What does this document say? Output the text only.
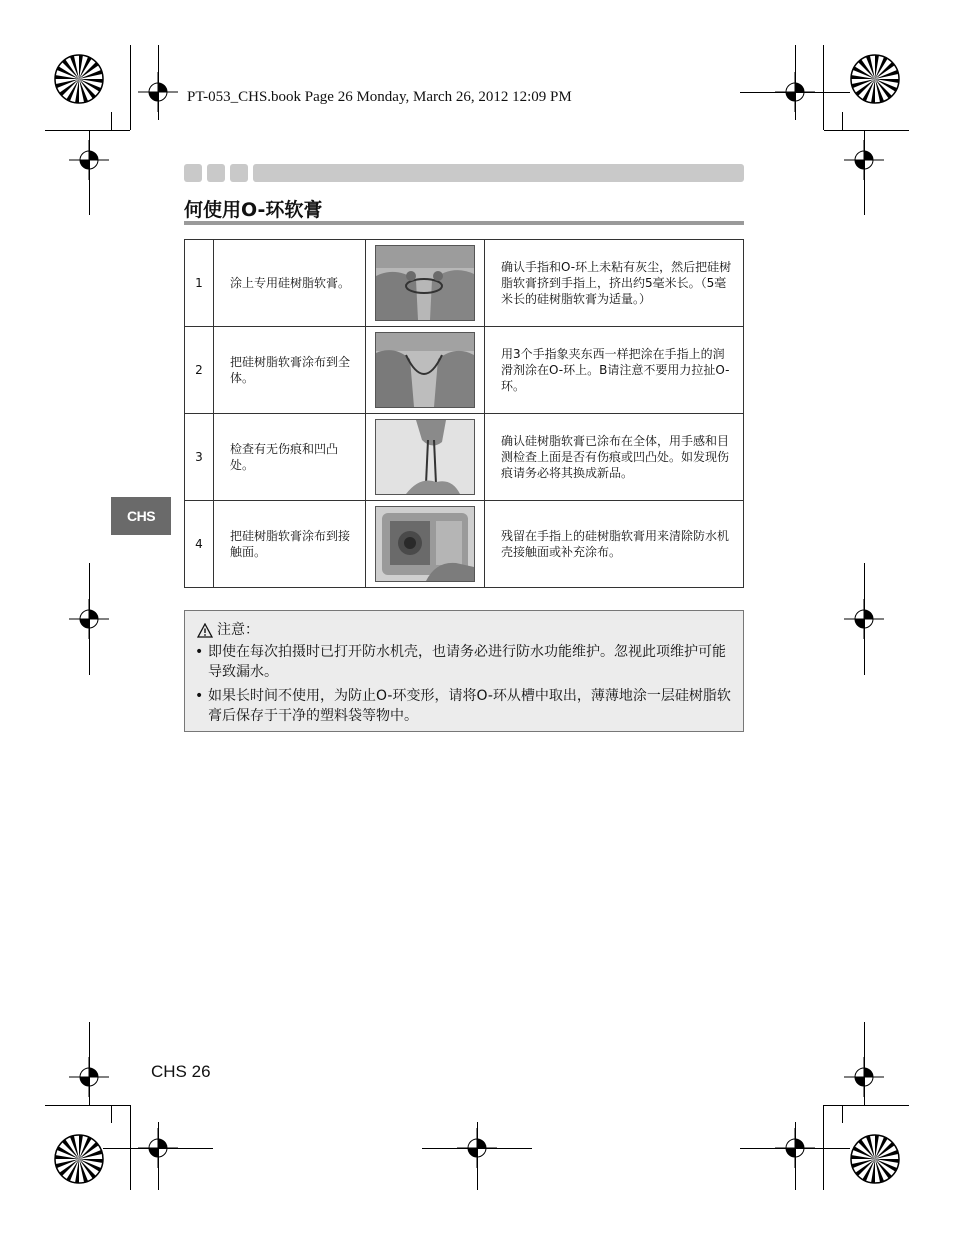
PT-053_CHS.book Page 26 Monday, March 26, 2012 12:09 PM
何使用O-环软膏
1	涂上专用硅树脂软膏。		确认手指和O-环上未粘有灰尘，然后把硅树脂软膏挤到手指上，挤出约5毫米长。（5毫米长的硅树脂软膏为适量。）
2	把硅树脂软膏涂布到全体。		用3个手指象夹东西一样把涂在手指上的润滑剂涂在O-环上。B请注意不要用力拉扯O-环。
3	检查有无伤痕和凹凸处。		确认硅树脂软膏已涂布在全体，用手感和目测检查上面是否有伤痕或凹凸处。如发现伤痕请务必将其换成新品。
4	把硅树脂软膏涂布到接触面。		残留在手指上的硅树脂软膏用来清除防水机壳接触面或补充涂布。
CHS
注意：
• 即使在每次拍摄时已打开防水机壳，也请务必进行防水功能维护。忽视此项维护可能导致漏水。
• 如果长时间不使用，为防止O-环变形，请将O-环从槽中取出，薄薄地涂一层硅树脂软膏后保存于干净的塑料袋等物中。
CHS 26
